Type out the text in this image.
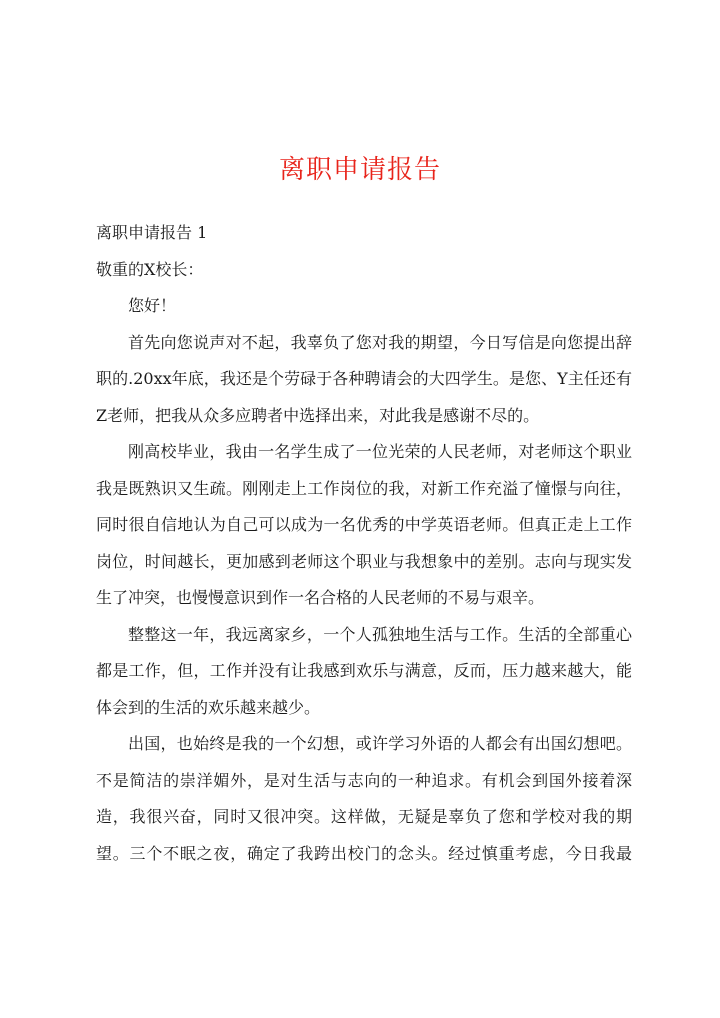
离职申请报告

离职申请报告 1

敬重的X校长：

您好！

首先向您说声对不起，我辜负了您对我的期望，今日写信是向您提出辞职的.20xx年底，我还是个劳碌于各种聘请会的大四学生。是您、Y主任还有Z老师，把我从众多应聘者中选择出来，对此我是感谢不尽的。

刚高校毕业，我由一名学生成了一位光荣的人民老师，对老师这个职业我是既熟识又生疏。刚刚走上工作岗位的我，对新工作充溢了憧憬与向往，同时很自信地认为自己可以成为一名优秀的中学英语老师。但真正走上工作岗位，时间越长，更加感到老师这个职业与我想象中的差别。志向与现实发生了冲突，也慢慢意识到作一名合格的人民老师的不易与艰辛。

整整这一年，我远离家乡，一个人孤独地生活与工作。生活的全部重心都是工作，但，工作并没有让我感到欢乐与满意，反而，压力越来越大，能体会到的生活的欢乐越来越少。

出国，也始终是我的一个幻想，或许学习外语的人都会有出国幻想吧。不是简洁的崇洋媚外，是对生活与志向的一种追求。有机会到国外接着深造，我很兴奋，同时又很冲突。这样做，无疑是辜负了您和学校对我的期望。三个不眠之夜，确定了我跨出校门的念头。经过慎重考虑，今日我最
